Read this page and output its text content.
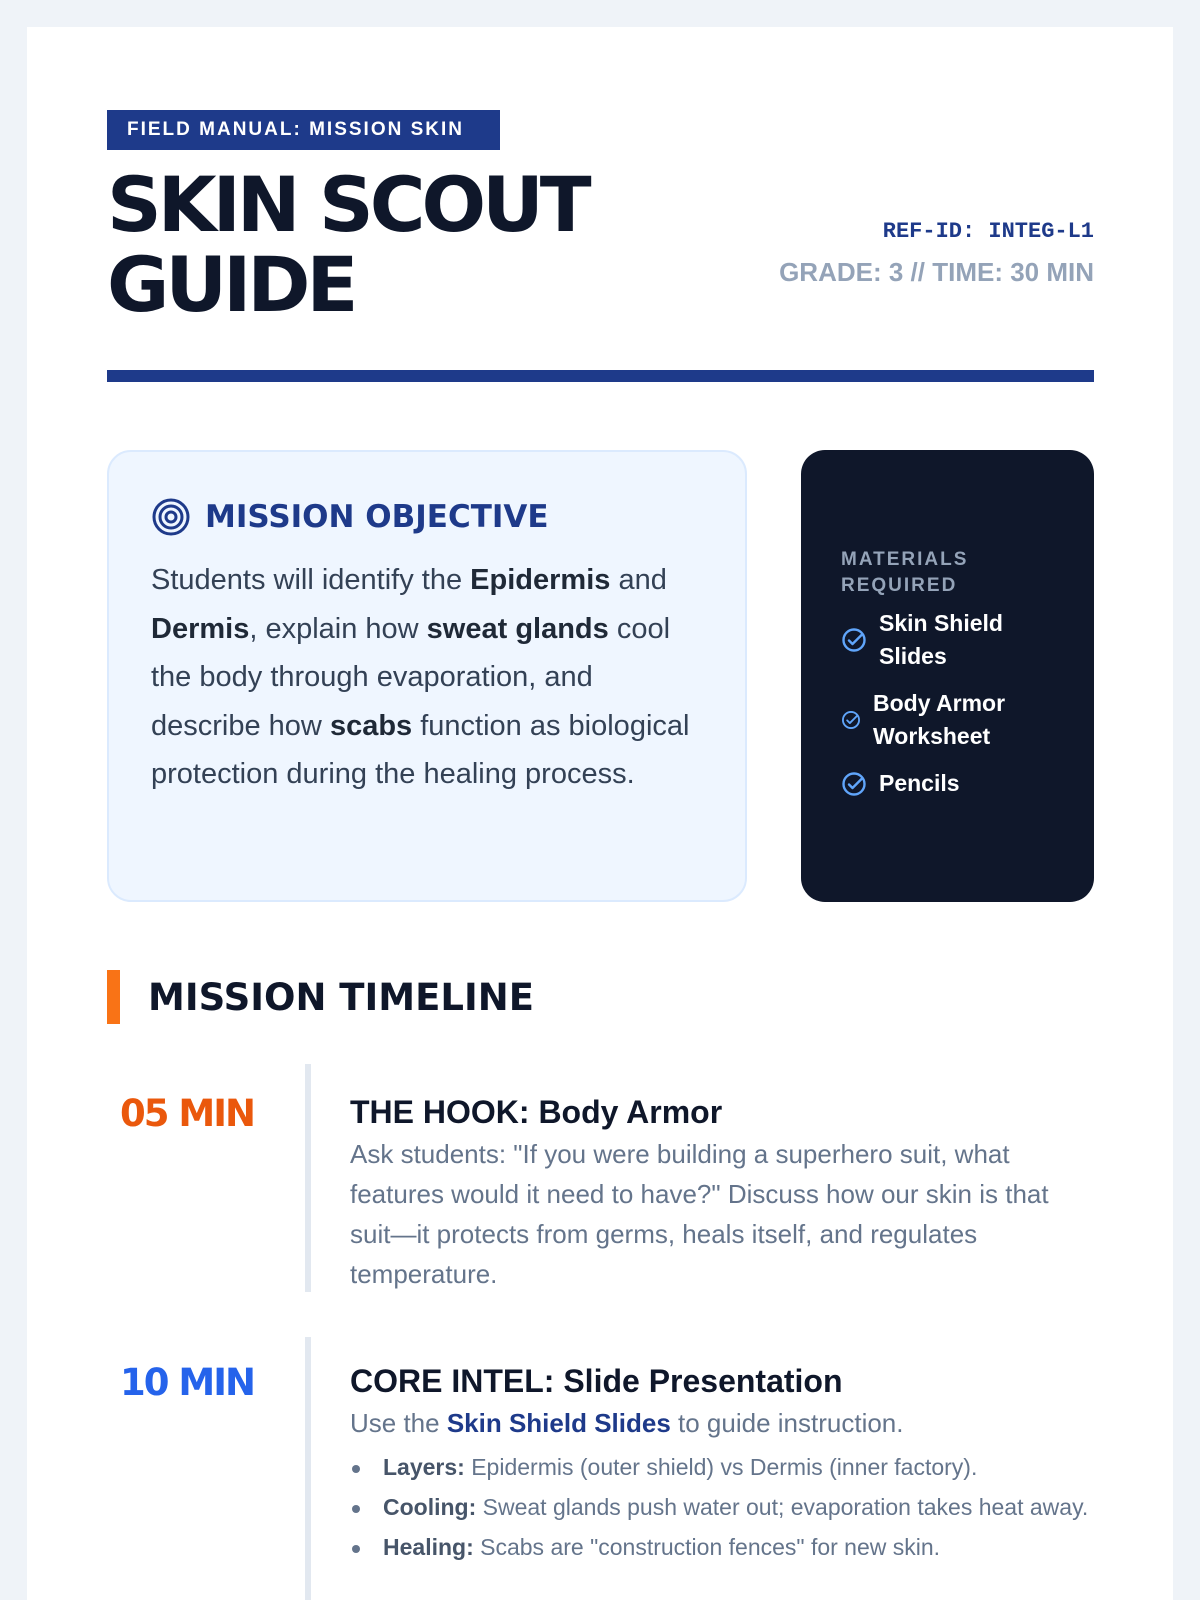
FIELD MANUAL: MISSION SKIN
SKIN SCOUT
GUIDE
REF-ID: INTEG-L1
GRADE: 3 // TIME: 30 MIN
MISSION OBJECTIVE

Students will identify the Epidermis and Dermis, explain how sweat glands cool the body through evaporation, and describe how scabs function as biological protection during the healing process.

MATERIALS REQUIRED
Skin Shield Slides
Body Armor Worksheet
Pencils
MISSION TIMELINE
05 MIN	THE HOOK: Body Armor

Ask students: "If you were building a superhero suit, what features would it need to have?" Discuss how our skin is that suit—it protects from germs, heals itself, and regulates temperature.

10 MIN	CORE INTEL: Slide Presentation

Use the Skin Shield Slides to guide instruction.

Layers: Epidermis (outer shield) vs Dermis (inner factory).
Cooling: Sweat glands push water out; evaporation takes heat away.
Healing: Scabs are "construction fences" for new skin.
